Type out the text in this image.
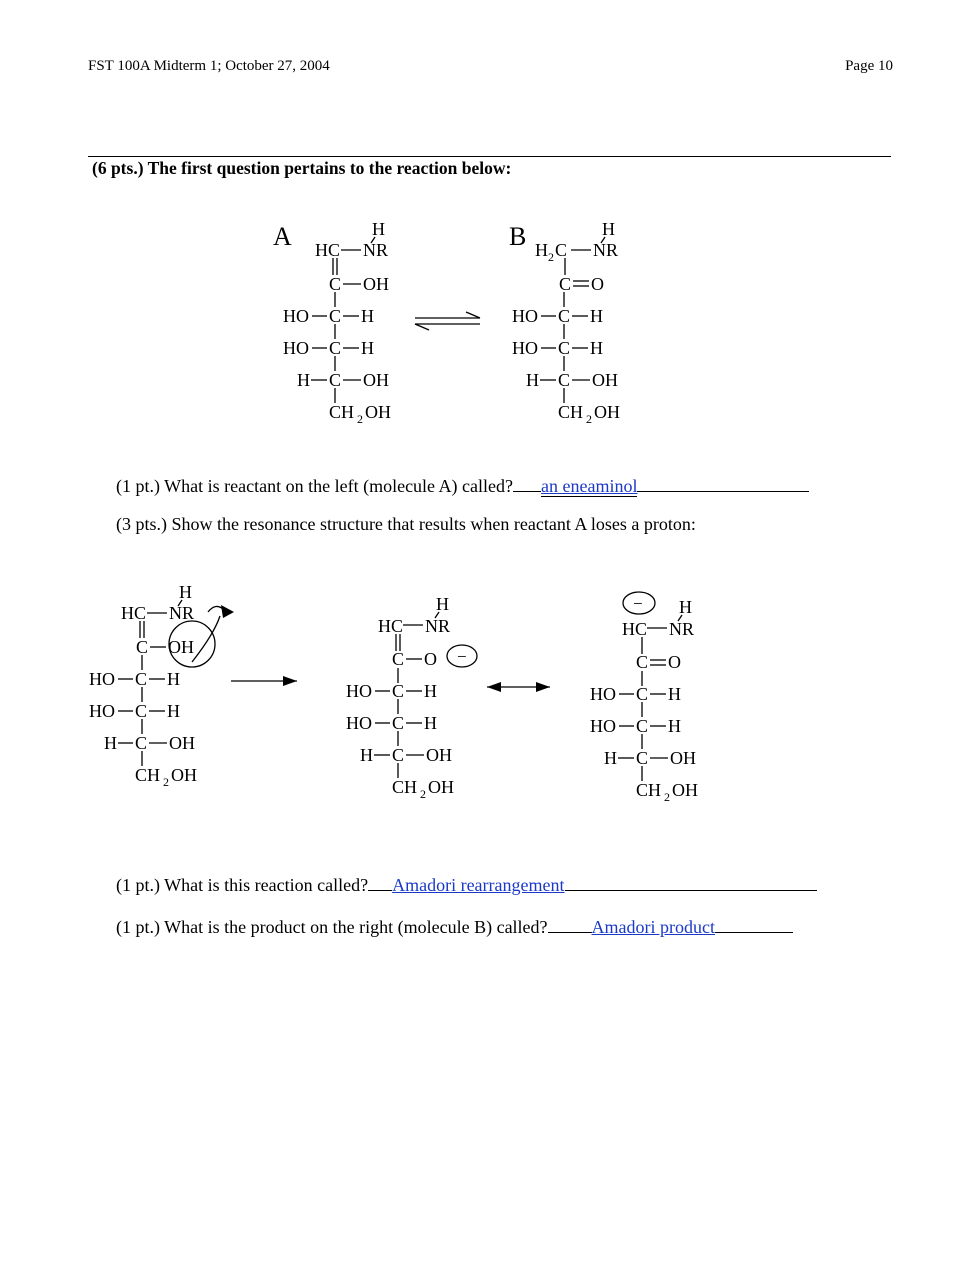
FST 100A Midterm 1; October 27, 2004	Page 10
(6 pts.) The first question pertains to the reaction below:
A	H
HC NR
C OH
HO C H
HO C H
H C OH
CH 2 OH
B	H
H 2 C NR
C O
HO C H
HO C H
H C OH
CH 2 OH
H
HC NR
C OH
HO C H
HO C H
H C OH
CH 2 OH
H
HC NR
C O
HO C H
HO C H
H C OH
CH 2 OH
−
H
HC NR
C O
HO C H
HO C H
H C OH
CH 2 OH
−
(1 pt.) What is reactant on the left (molecule A) called? an eneaminol
(3 pts.) Show the resonance structure that results when reactant A loses a proton:
(1 pt.) What is this reaction called? Amadori rearrangement
(1 pt.) What is the product on the right (molecule B) called? Amadori product
